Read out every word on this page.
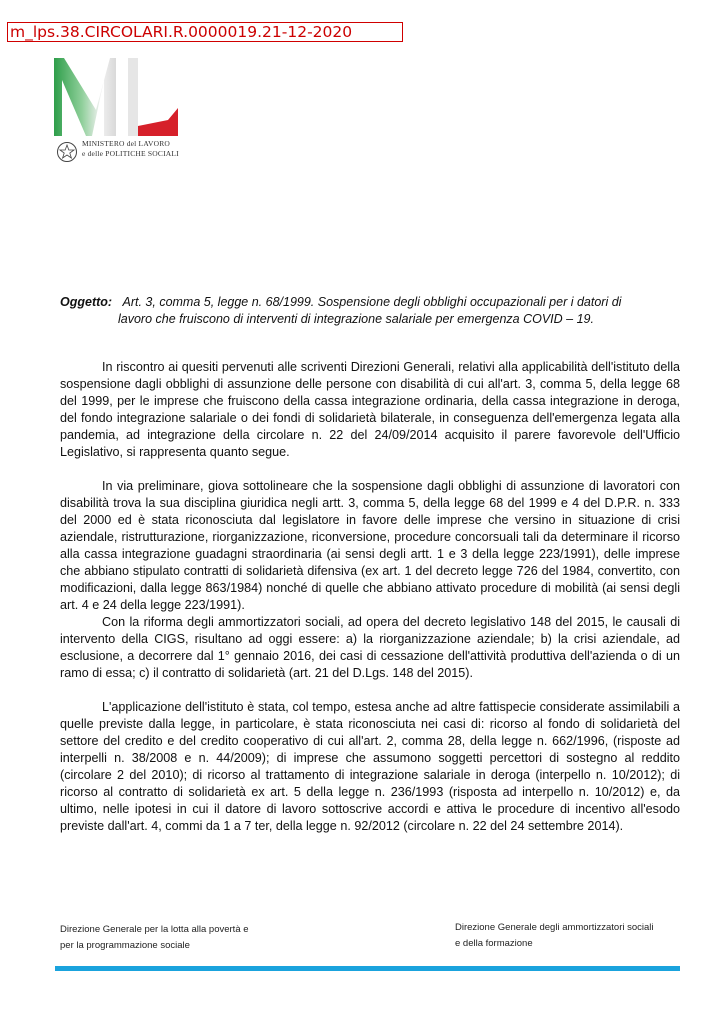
m_lps.38.CIRCOLARI.R.0000019.21-12-2020
MINISTERO del LAVORO
e delle POLITICHE SOCIALI
Oggetto: Art. 3, comma 5, legge n. 68/1999. Sospensione degli obblighi occupazionali per i datori di
lavoro che fruiscono di interventi di integrazione salariale per emergenza COVID – 19.

In riscontro ai quesiti pervenuti alle scriventi Direzioni Generali, relativi alla applicabilità dell'istituto della sospensione dagli obblighi di assunzione delle persone con disabilità di cui all'art. 3, comma 5, della legge 68 del 1999, per le imprese che fruiscono della cassa integrazione ordinaria, della cassa integrazione in deroga, del fondo integrazione salariale o dei fondi di solidarietà bilaterale, in conseguenza dell'emergenza legata alla pandemia, ad integrazione della circolare n. 22 del 24/09/2014 acquisito il parere favorevole dell'Ufficio Legislativo, si rappresenta quanto segue.

In via preliminare, giova sottolineare che la sospensione dagli obblighi di assunzione di lavoratori con disabilità trova la sua disciplina giuridica negli artt. 3, comma 5, della legge 68 del 1999 e 4 del D.P.R. n. 333 del 2000 ed è stata riconosciuta dal legislatore in favore delle imprese che versino in situazione di crisi aziendale, ristrutturazione, riorganizzazione, riconversione, procedure concorsuali tali da determinare il ricorso alla cassa integrazione guadagni straordinaria (ai sensi degli artt. 1 e 3 della legge 223/1991), delle imprese che abbiano stipulato contratti di solidarietà difensiva (ex art. 1 del decreto legge 726 del 1984, convertito, con modificazioni, dalla legge 863/1984) nonché di quelle che abbiano attivato procedure di mobilità (ai sensi degli art. 4 e 24 della legge 223/1991).

Con la riforma degli ammortizzatori sociali, ad opera del decreto legislativo 148 del 2015, le causali di intervento della CIGS, risultano ad oggi essere: a) la riorganizzazione aziendale; b) la crisi aziendale, ad esclusione, a decorrere dal 1° gennaio 2016, dei casi di cessazione dell'attività produttiva dell'azienda o di un ramo di essa; c) il contratto di solidarietà (art. 21 del D.Lgs. 148 del 2015).

L'applicazione dell'istituto è stata, col tempo, estesa anche ad altre fattispecie considerate assimilabili a quelle previste dalla legge, in particolare, è stata riconosciuta nei casi di: ricorso al fondo di solidarietà del settore del credito e del credito cooperativo di cui all'art. 2, comma 28, della legge n. 662/1996, (risposte ad interpelli n. 38/2008 e n. 44/2009); di imprese che assumono soggetti percettori di sostegno al reddito (circolare 2 del 2010); di ricorso al trattamento di integrazione salariale in deroga (interpello n. 10/2012); di ricorso al contratto di solidarietà ex art. 5 della legge n. 236/1993 (risposta ad interpello n. 10/2012) e, da ultimo, nelle ipotesi in cui il datore di lavoro sottoscrive accordi e attiva le procedure di incentivo all'esodo previste dall'art. 4, commi da 1 a 7 ter, della legge n. 92/2012 (circolare n. 22 del 24 settembre 2014).

Direzione Generale per la lotta alla povertà e
per la programmazione sociale
Direzione Generale degli ammortizzatori sociali
e della formazione
